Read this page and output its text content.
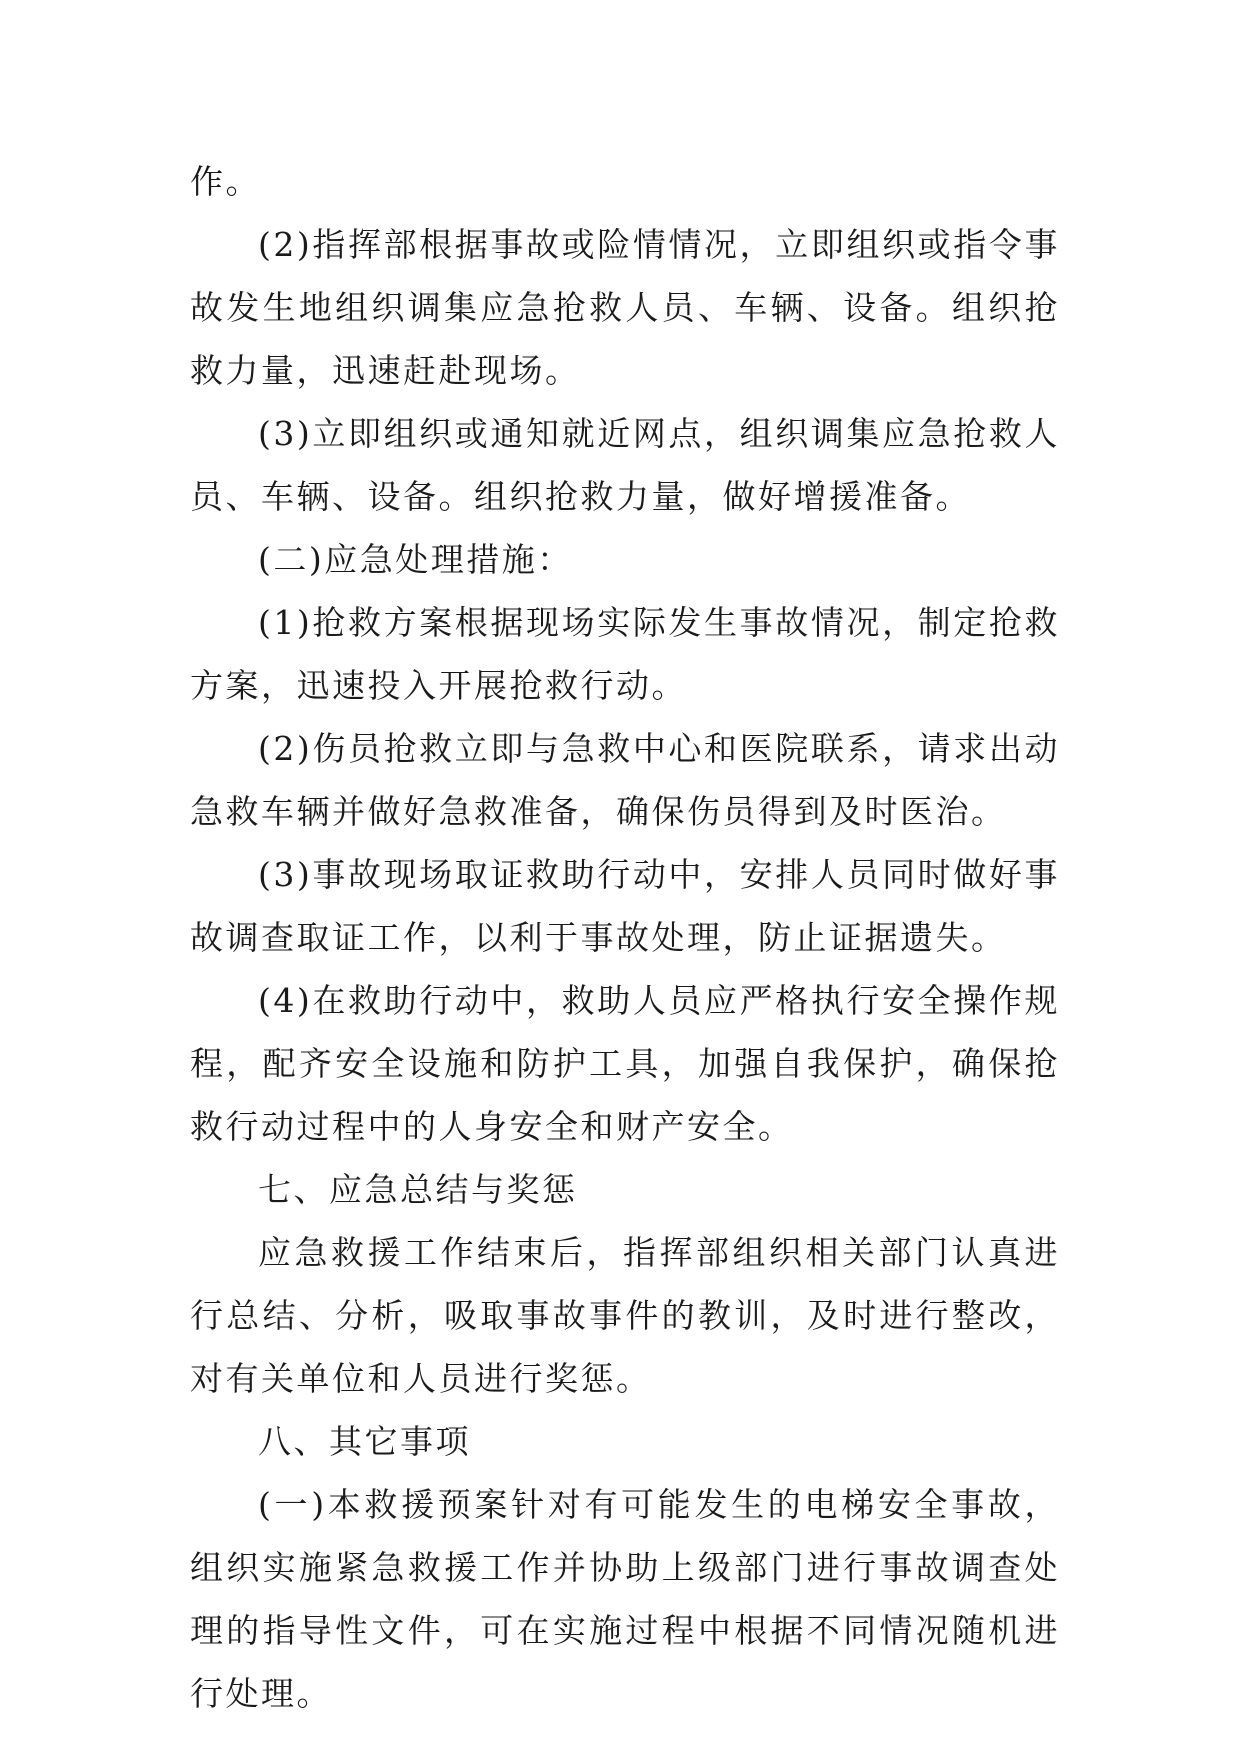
作。

(2)指挥部根据事故或险情情况，立即组织或指令事故发生地组织调集应急抢救人员、车辆、设备。组织抢救力量，迅速赶赴现场。

(3)立即组织或通知就近网点，组织调集应急抢救人员、车辆、设备。组织抢救力量，做好增援准备。

(二)应急处理措施：

(1)抢救方案根据现场实际发生事故情况，制定抢救方案，迅速投入开展抢救行动。

(2)伤员抢救立即与急救中心和医院联系，请求出动急救车辆并做好急救准备，确保伤员得到及时医治。

(3)事故现场取证救助行动中，安排人员同时做好事故调查取证工作，以利于事故处理，防止证据遗失。

(4)在救助行动中，救助人员应严格执行安全操作规程，配齐安全设施和防护工具，加强自我保护，确保抢救行动过程中的人身安全和财产安全。

七、应急总结与奖惩

应急救援工作结束后，指挥部组织相关部门认真进行总结、分析，吸取事故事件的教训，及时进行整改，对有关单位和人员进行奖惩。

八、其它事项

(一)本救援预案针对有可能发生的电梯安全事故，组织实施紧急救援工作并协助上级部门进行事故调查处理的指导性文件，可在实施过程中根据不同情况随机进行处理。
